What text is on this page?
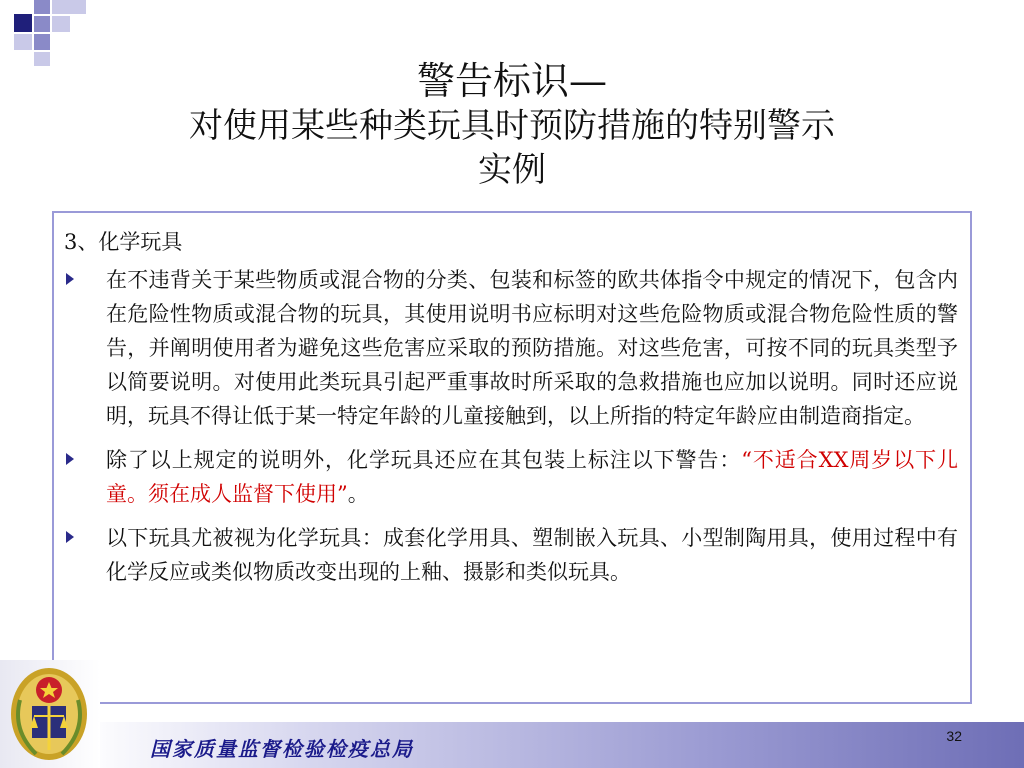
警告标识—
对使用某些种类玩具时预防措施的特别警示
实例
3、化学玩具
在不违背关于某些物质或混合物的分类、包装和标签的欧共体指令中规定的情况下，包含内在危险性物质或混合物的玩具，其使用说明书应标明对这些危险物质或混合物危险性质的警告，并阐明使用者为避免这些危害应采取的预防措施。对这些危害，可按不同的玩具类型予以简要说明。对使用此类玩具引起严重事故时所采取的急救措施也应加以说明。同时还应说明，玩具不得让低于某一特定年龄的儿童接触到，以上所指的特定年龄应由制造商指定。
除了以上规定的说明外，化学玩具还应在其包装上标注以下警告：“不适合XX周岁以下儿童。须在成人监督下使用”。
以下玩具尤被视为化学玩具：成套化学用具、塑制嵌入玩具、小型制陶用具，使用过程中有化学反应或类似物质改变出现的上釉、摄影和类似玩具。
国家质量监督检验检疫总局
32
